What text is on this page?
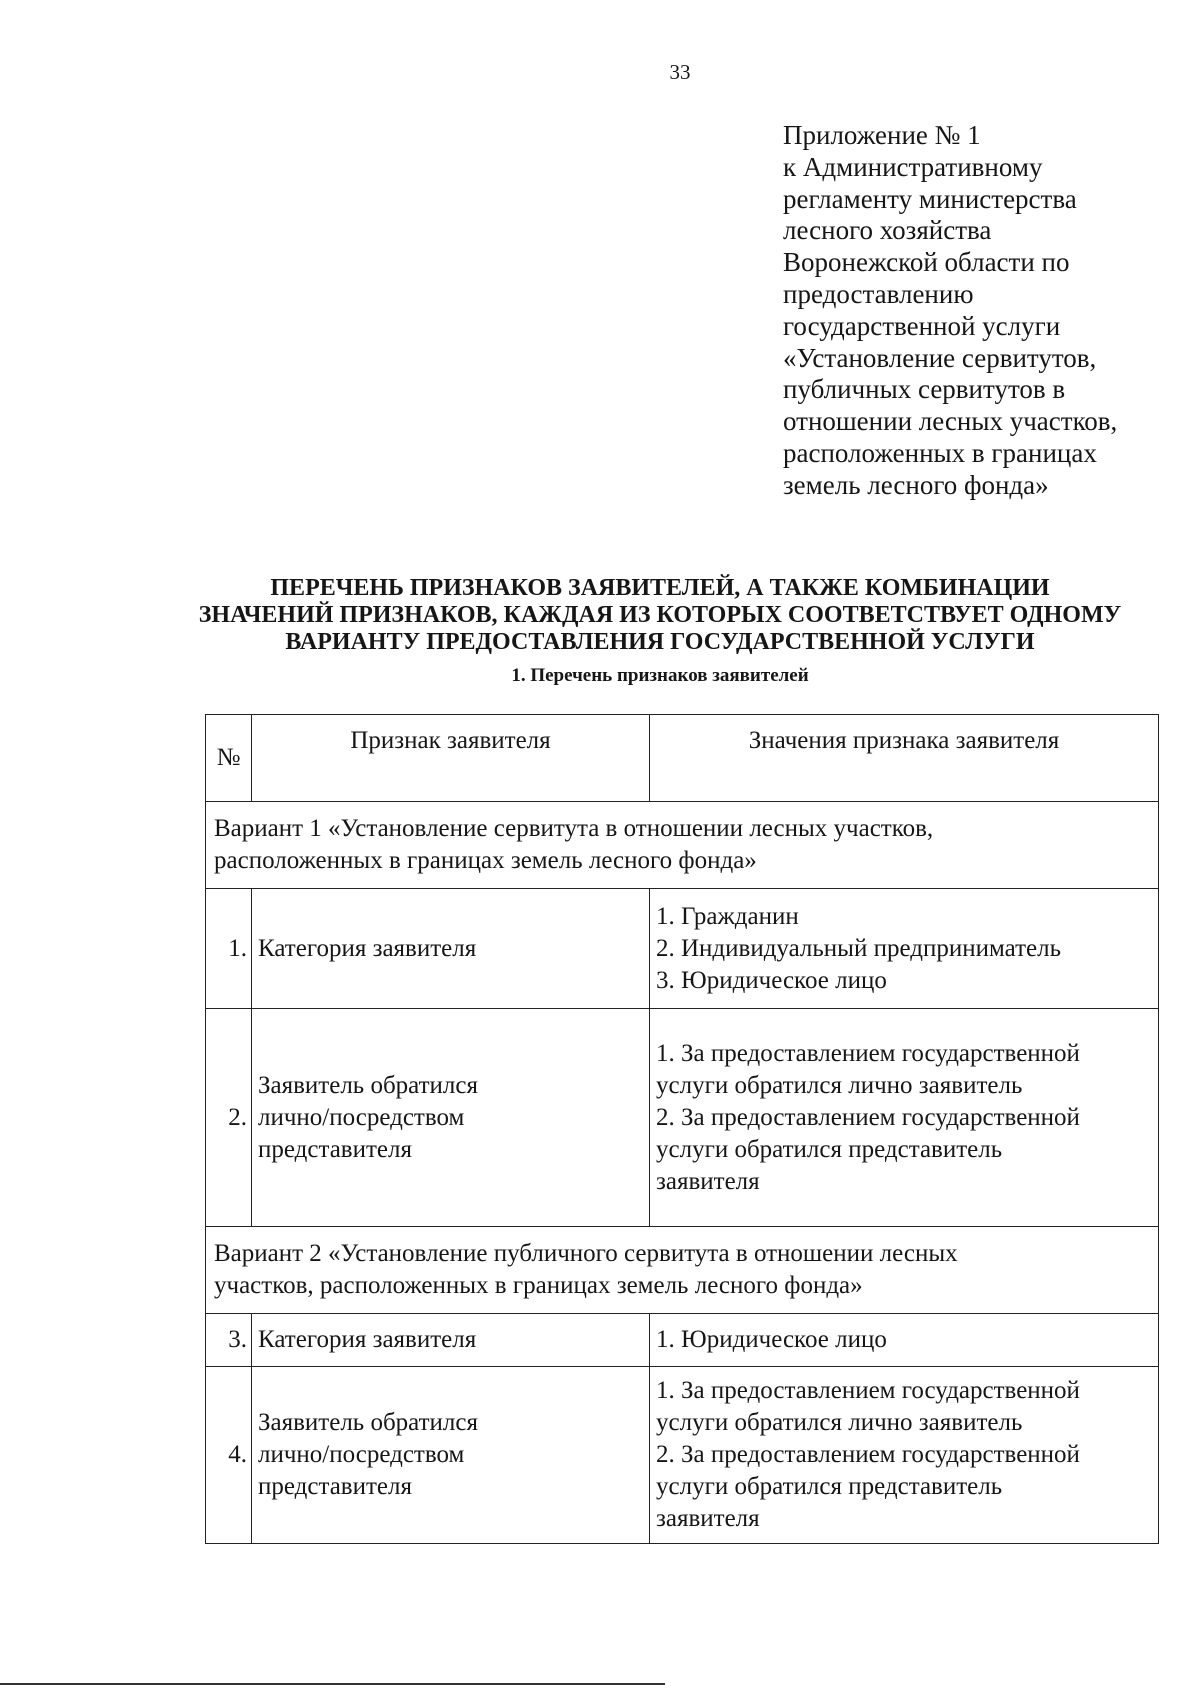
33
Приложение № 1
к Административному
регламенту министерства
лесного хозяйства
Воронежской области по
предоставлению
государственной услуги
«Установление сервитутов,
публичных сервитутов в
отношении лесных участков,
расположенных в границах
земель лесного фонда»
ПЕРЕЧЕНЬ ПРИЗНАКОВ ЗАЯВИТЕЛЕЙ, А ТАКЖЕ КОМБИНАЦИИ
ЗНАЧЕНИЙ ПРИЗНАКОВ, КАЖДАЯ ИЗ КОТОРЫХ СООТВЕТСТВУЕТ ОДНОМУ
ВАРИАНТУ ПРЕДОСТАВЛЕНИЯ ГОСУДАРСТВЕННОЙ УСЛУГИ
1. Перечень признаков заявителей
№	Признак заявителя	Значения признака заявителя

Вариант 1 «Установление сервитута в отношении лесных участков,
расположенных в границах земель лесного фонда»		

1.	Категория заявителя	1. Гражданин
2. Индивидуальный предприниматель
3. Юридическое лицо

2.	Заявитель обратился
лично/посредством
представителя	1. За предоставлением государственной
услуги обратился лично заявитель
2. За предоставлением государственной
услуги обратился представитель
заявителя

Вариант 2 «Установление публичного сервитута в отношении лесных
участков, расположенных в границах земель лесного фонда»		

3.	Категория заявителя	1. Юридическое лицо

4.	Заявитель обратился
лично/посредством
представителя	1. За предоставлением государственной
услуги обратился лично заявитель
2. За предоставлением государственной
услуги обратился представитель
заявителя
